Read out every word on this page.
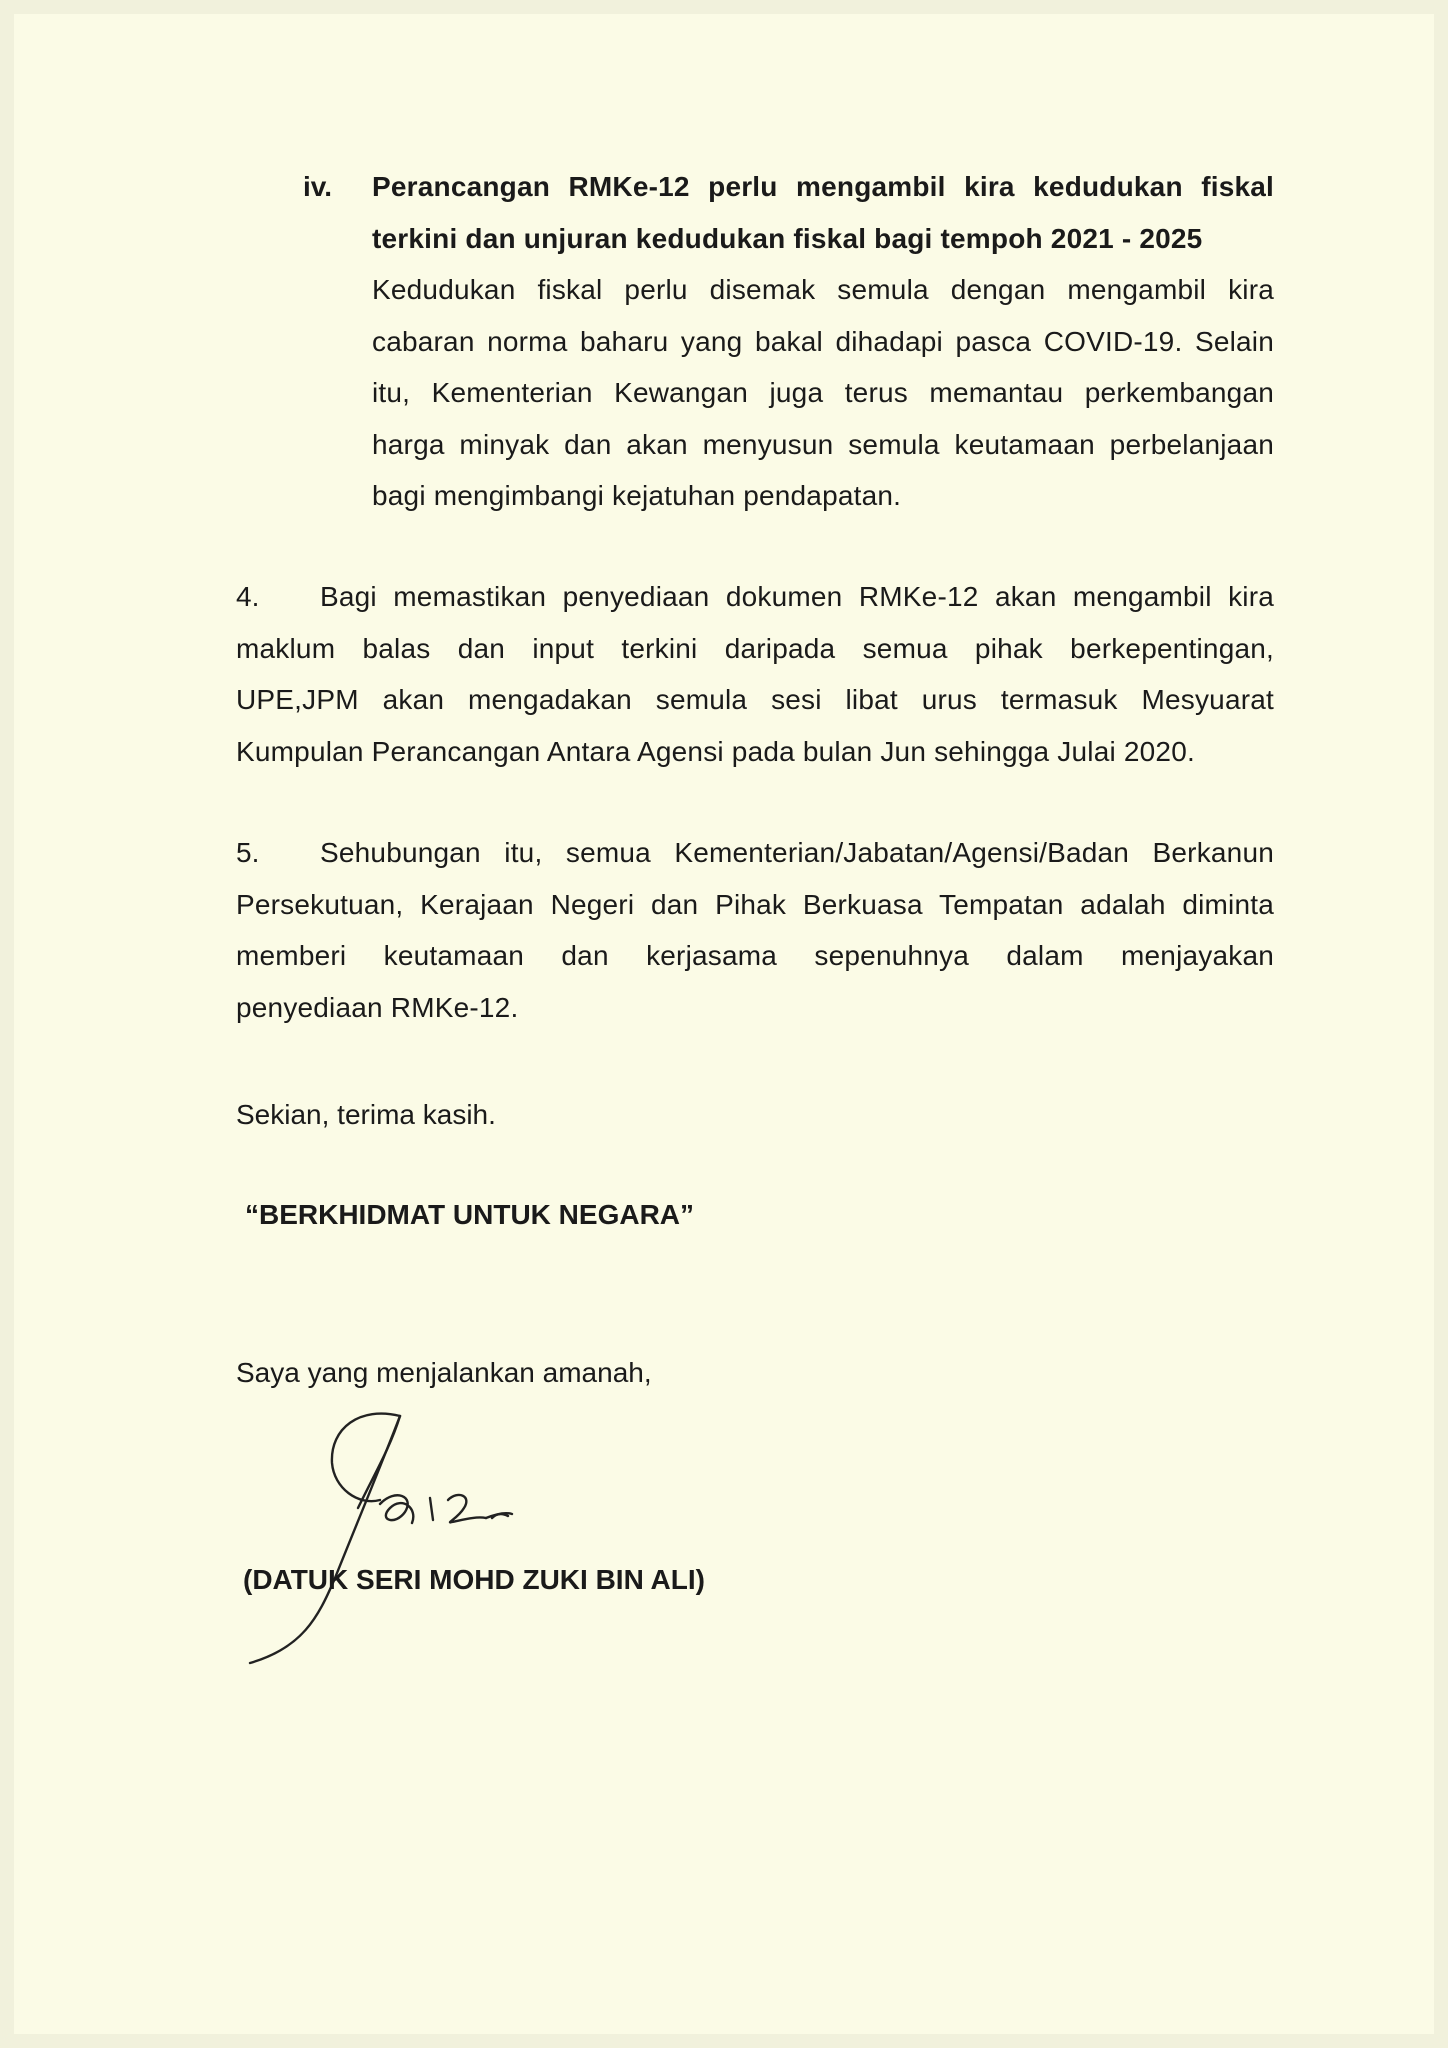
iv. Perancangan RMKe-12 perlu mengambil kira kedudukan fiskal
terkini dan unjuran kedudukan fiskal bagi tempoh 2021 - 2025
Kedudukan fiskal perlu disemak semula dengan mengambil kira
cabaran norma baharu yang bakal dihadapi pasca COVID-19. Selain
itu, Kementerian Kewangan juga terus memantau perkembangan
harga minyak dan akan menyusun semula keutamaan perbelanjaan
bagi mengimbangi kejatuhan pendapatan.
4.	Bagi memastikan penyediaan dokumen RMKe-12 akan mengambil kira
maklum balas dan input terkini daripada semua pihak berkepentingan,
UPE,JPM akan mengadakan semula sesi libat urus termasuk Mesyuarat
Kumpulan Perancangan Antara Agensi pada bulan Jun sehingga Julai 2020.
5.	Sehubungan itu, semua Kementerian/Jabatan/Agensi/Badan Berkanun
Persekutuan, Kerajaan Negeri dan Pihak Berkuasa Tempatan adalah diminta
memberi keutamaan dan kerjasama sepenuhnya dalam menjayakan
penyediaan RMKe-12.
Sekian, terima kasih.
“BERKHIDMAT UNTUK NEGARA”
Saya yang menjalankan amanah,
(DATUK SERI MOHD ZUKI BIN ALI)
